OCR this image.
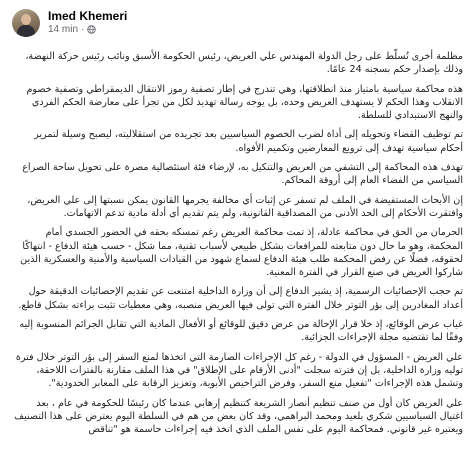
Imed Khemeri
14 min ·

مظلمة أخرى تُسلّط على رجل الدولة المهندس علي العريض، رئيس الحكومة الأسبق ونائب رئيس حركة النهضة، وذلك بإصدار حكم بسجنه 24 عامًا.

هذه محاكمة سياسية بامتياز منذ انطلاقتها، وهي تندرج في إطار تصفية رموز الانتقال الديمقراطي وتصفية خصوم الانقلاب وهذا الحكم لا يستهدف العريض وحده، بل يوجه رسالة تهديد لكل من تجرأ على معارضة الحكم الفردي والنهج الاستبدادي للسلطة.

تم توظيف القضاء وتحويله إلى أداة لضرب الخصوم السياسيين بعد تجريده من استقلاليته، ليصبح وسيلة لتمرير أحكام سياسية تهدف إلى ترويع المعارضين وتكميم الأفواه.

تهدف هذه المحاكمة إلى التشفي من العريض والتنكيل به، لإرضاء فئة استئصالية مصرة على تحويل ساحة الصراع السياسي من الفضاء العام إلى أروقة المحاكم.

إن الأبحاث المستفيضة في الملف لم تسفر عن إثبات أي مخالفة يجرمها القانون يمكن نسبتها إلى علي العريض، وافتقرت الأحكام إلى الحد الأدنى من المصداقية القانونية، ولم يتم تقديم أي أدلة مادية تدعم الاتهامات.

الحرمان من الحق في محاكمة عادلة، إذ تمت محاكمة العريض رغم تمسكه بحقه في الحضور الجسدي أمام المحكمة، وهو ما حال دون متابعته للمرافعات بشكل طبيعي لأسباب تقنية، مما شكل - حسب هيئة الدفاع - انتهاكًا لحقوقه، فضلًا عن رفض المحكمة طلب هيئة الدفاع لسماع شهود من القيادات السياسية والأمنية والعسكرية الذين شاركوا العريض في صنع القرار في الفترة المعنية.

تم حجب الإحصائيات الرسمية، إذ يشير الدفاع إلى أن وزارة الداخلية امتنعت عن تقديم الإحصائيات الدقيقة حول أعداد المغادرين إلى بؤر التوتر خلال الفترة التي تولى فيها العريض منصبه، وهي معطيات تثبت براءته بشكل قاطع.

غياب عرض الوقائع، إذ خلا قرار الإحالة من عرض دقيق للوقائع أو الأفعال المادية التي تقابل الجرائم المنسوبة إليه وفقًا لما تقتضيه مجلة الإجراءات الجزائية.

علي العريض - المسؤول في الدولة - رغم كل الإجراءات الصارمة التي اتخذها لمنع السفر إلى بؤر التوتر خلال فترة توليه وزارة الداخلية، بل إن فترته سجلت "أدنى الأرقام على الإطلاق" في هذا الملف مقارنة بالفترات اللاحقة، وتشمل هذه الإجراءات "تفعيل منع السفر، وفرض التراخيص الأبوية، وتعزيز الرقابة على المعابر الحدودية".

علي العريض كان أول من صنف تنظيم أنصار الشريعة كتنظيم إرهابي عندما كان رئيسًا للحكومة في عام ، بعد اغتيال السياسيين شكري بلعيد ومحمد البراهمي، وقد كان بعض من هم في السلطة اليوم يعترض على هذا التصنيف ويعتبره غير قانوني. فمحاكمة اليوم على نفس الملف الذي اتخذ فيه إجراءات حاسمة هو "تناقض
